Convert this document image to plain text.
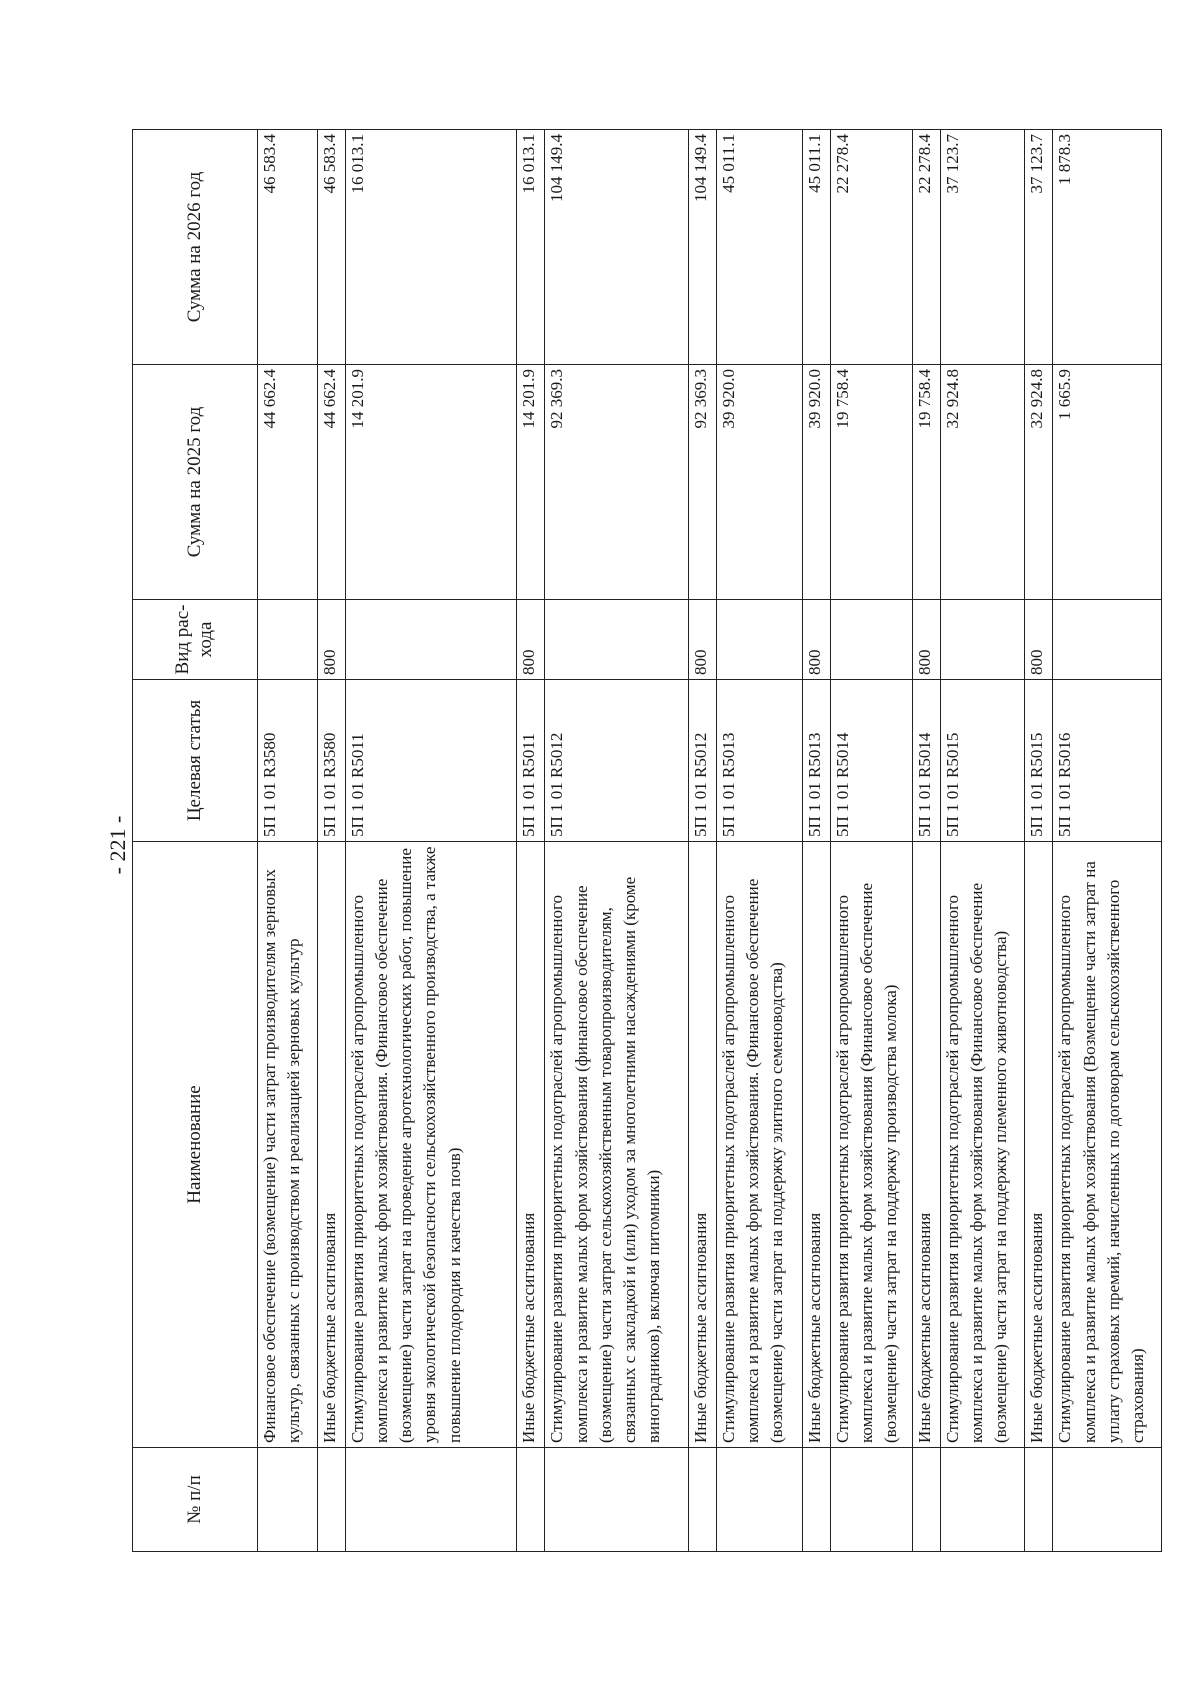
- 221 -
№ п/п	Наименование	Целевая статья	Вид рас-хода	Сумма на 2025 год	Сумма на 2026 год
	Финансовое обеспечение (возмещение) части затрат производителям зерновых культур, связанных с производством и реализацией зерновых культур	5П 1 01 R3580		44 662.4	46 583.4
	Иные бюджетные ассигнования	5П 1 01 R3580	800	44 662.4	46 583.4
	Стимулирование развития приоритетных подотраслей агропромышленного комплекса и развитие малых форм хозяйствования. (Финансовое обеспечение (возмещение) части затрат на проведение агротехнологических работ, повышение уровня экологической безопасности сельскохозяйственного производства, а также повышение плодородия и качества почв)	5П 1 01 R5011		14 201.9	16 013.1
	Иные бюджетные ассигнования	5П 1 01 R5011	800	14 201.9	16 013.1
	Стимулирование развития приоритетных подотраслей агропромышленного комплекса и развитие малых форм хозяйствования (финансовое обеспечение (возмещение) части затрат сельскохозяйственным товаропроизводителям, связанных с закладкой и (или) уходом за многолетними насаждениями (кроме виноградников), включая питомники)	5П 1 01 R5012		92 369.3	104 149.4
	Иные бюджетные ассигнования	5П 1 01 R5012	800	92 369.3	104 149.4
	Стимулирование развития приоритетных подотраслей агропромышленного комплекса и развитие малых форм хозяйствования. (Финансовое обеспечение (возмещение) части затрат на поддержку элитного семеноводства)	5П 1 01 R5013		39 920.0	45 011.1
	Иные бюджетные ассигнования	5П 1 01 R5013	800	39 920.0	45 011.1
	Стимулирование развития приоритетных подотраслей агропромышленного комплекса и развитие малых форм хозяйствования (Финансовое обеспечение (возмещение) части затрат на поддержку производства молока)	5П 1 01 R5014		19 758.4	22 278.4
	Иные бюджетные ассигнования	5П 1 01 R5014	800	19 758.4	22 278.4
	Стимулирование развития приоритетных подотраслей агропромышленного комплекса и развитие малых форм хозяйствования (Финансовое обеспечение (возмещение) части затрат на поддержку племенного животноводства)	5П 1 01 R5015		32 924.8	37 123.7
	Иные бюджетные ассигнования	5П 1 01 R5015	800	32 924.8	37 123.7
	Стимулирование развития приоритетных подотраслей агропромышленного комплекса и развитие малых форм хозяйствования (Возмещение части затрат на уплату страховых премий, начисленных по договорам сельскохозяйственного страхования)	5П 1 01 R5016		1 665.9	1 878.3
